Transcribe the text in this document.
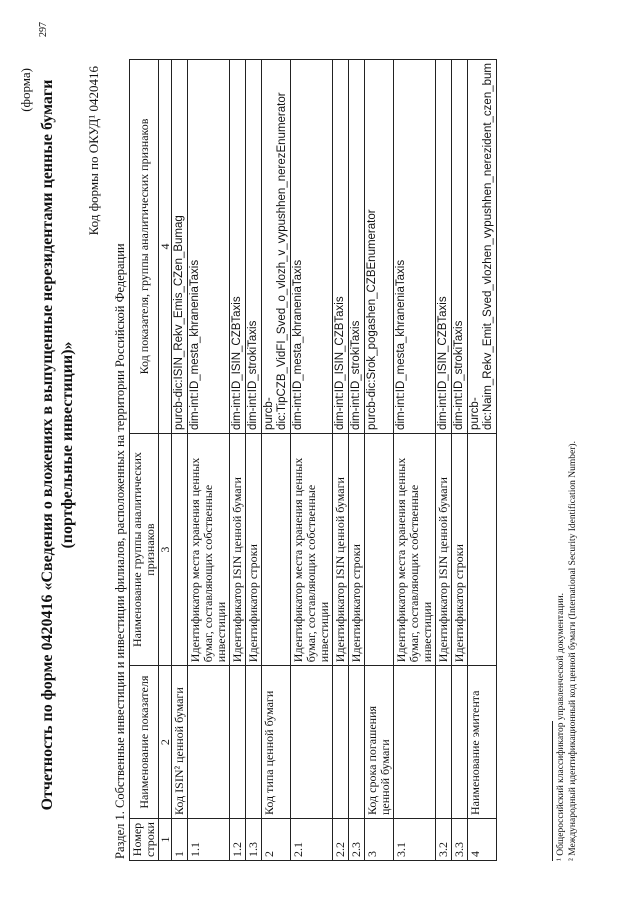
297
(форма) Отчетность по форме 0420416 «Сведения о вложениях в выпущенные нерезидентами ценные бумаги (портфельные инвестиции)»
Код формы по ОКУД¹ 0420416
Раздел 1. Собственные инвестиции и инвестиции филиалов, расположенных на территории Российской Федерации Номер строки	Наименование показателя	Наименование группы аналитических признаков	Код показателя, группы аналитических признаков
1	2	3	4
1	Код ISIN² ценной бумаги		purcb-dic:ISIN_Rekv_Emis_CZen_Bumag
1.1		Идентификатор места хранения ценных бумаг, составляющих собственные инвестиции	dim-int:ID_mesta_khraneniaTaxis
1.2		Идентификатор ISIN ценной бумаги	dim-int:ID_ISIN_CZBTaxis
1.3		Идентификатор строки	dim-int:ID_strokiTaxis
2	Код типа ценной бумаги		purcb-dic:TipCZB_VidFI_Sved_o_vlozh_v_vypushhen_nerezEnumerator
2.1		Идентификатор места хранения ценных бумаг, составляющих собственные инвестиции	dim-int:ID_mesta_khraneniaTaxis
2.2		Идентификатор ISIN ценной бумаги	dim-int:ID_ISIN_CZBTaxis
2.3		Идентификатор строки	dim-int:ID_strokiTaxis
3	Код срока погашения ценной бумаги		purcb-dic:Srok_pogashen_CZBEnumerator
3.1		Идентификатор места хранения ценных бумаг, составляющих собственные инвестиции	dim-int:ID_mesta_khraneniaTaxis
3.2		Идентификатор ISIN ценной бумаги	dim-int:ID_ISIN_CZBTaxis
3.3		Идентификатор строки	dim-int:ID_strokiTaxis
4	Наименование эмитента		purcb-dic:Naim_Rekv_Emit_Sved_vlozhen_vypushhen_nerezident_czen_bum
¹ Общероссийский классификатор управленческой документации. ² Международный идентификационный код ценной бумаги (International Security Identification Number).
